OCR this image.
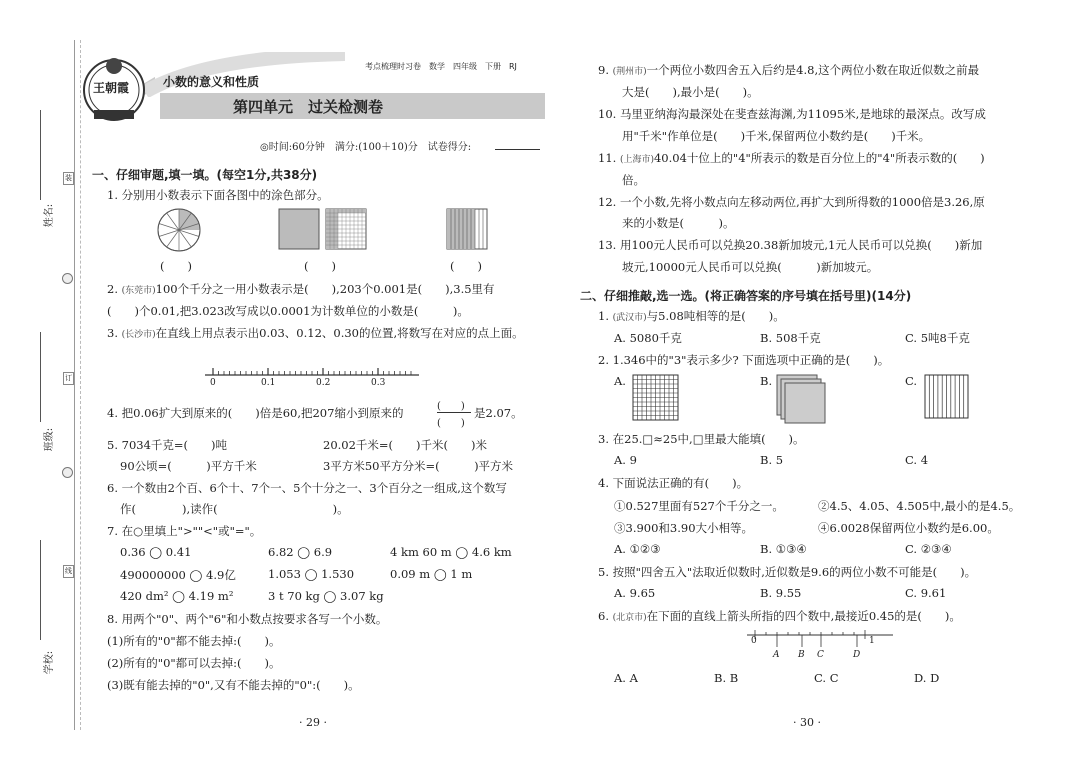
姓名:
班级:
学校:
装
订
线
王朝霞
考点梳理时习卷　数学　四年级　下册　RJ
小数的意义和性质
第四单元　过关检测卷
◎时间:60分钟　满分:(100＋10)分　试卷得分:
一、仔细审题,填一填。(每空1分,共38分)
1. 分别用小数表示下面各图中的涂色部分。
(　　)	(　　)	(　　)
2. (东莞市)100个千分之一用小数表示是(　　),203个0.001是(　　),3.5里有
(　　)个0.01,把3.023改写成以0.0001为计数单位的小数是(　　　)。
3. (长沙市)在直线上用点表示出0.03、0.12、0.30的位置,将数写在对应的点上面。
0	0.1	0.2	0.3
4. 把0.06扩大到原来的(　　)倍是60,把207缩小到原来的	(　　)
(　　)
是2.07。
5. 7034千克=(　　)吨	20.02千米=(　　)千米(　　)米
90公顷=(　　　)平方千米	3平方米50平方分米=(　　　)平方米
6. 一个数由2个百、6个十、7个一、5个十分之一、3个百分之一组成,这个数写
作(　　　　),读作(　　　　　　　　　　)。
7. 在○里填上">""<"或"="。
0.36 ◯ 0.41	6.82 ◯ 6.9	4 km 60 m ◯ 4.6 km
490000000 ◯ 4.9亿	1.053 ◯ 1.530	0.09 m ◯ 1 m
420 dm² ◯ 4.19 m²	3 t 70 kg ◯ 3.07 kg
8. 用两个"0"、两个"6"和小数点按要求各写一个小数。
(1)所有的"0"都不能去掉:(　　)。
(2)所有的"0"都可以去掉:(　　)。
(3)既有能去掉的"0",又有不能去掉的"0":(　　)。
· 29 ·
9. (荆州市)一个两位小数四舍五入后约是4.8,这个两位小数在取近似数之前最
大是(　　),最小是(　　)。
10. 马里亚纳海沟最深处在斐查兹海渊,为11095米,是地球的最深点。改写成
用"千米"作单位是(　　)千米,保留两位小数约是(　　)千米。
11. (上海市)40.04十位上的"4"所表示的数是百分位上的"4"所表示数的(　　)
倍。
12. 一个小数,先将小数点向左移动两位,再扩大到所得数的1000倍是3.26,原
来的小数是(　　　)。
13. 用100元人民币可以兑换20.38新加坡元,1元人民币可以兑换(　　)新加
坡元,10000元人民币可以兑换(　　　)新加坡元。
二、仔细推敲,选一选。(将正确答案的序号填在括号里)(14分)
1. (武汉市)与5.08吨相等的是(　　)。
A. 5080千克	B. 508千克	C. 5吨8千克
2. 1.346中的"3"表示多少? 下面选项中正确的是(　　)。
A.	B.	C.
3. 在25.□≈25中,□里最大能填(　　)。
A. 9	B. 5	C. 4
4. 下面说法正确的有(　　)。
①0.527里面有527个千分之一。	②4.5、4.05、4.505中,最小的是4.5。
③3.900和3.90大小相等。	④6.0028保留两位小数约是6.00。
A. ①②③	B. ①③④	C. ②③④
5. 按照"四舍五入"法取近似数时,近似数是9.6的两位小数不可能是(　　)。
A. 9.65	B. 9.55	C. 9.61
6. (北京市)在下面的直线上箭头所指的四个数中,最接近0.45的是(　　)。
0	1
A B C	D
A. A	B. B	C. C	D. D
· 30 ·
